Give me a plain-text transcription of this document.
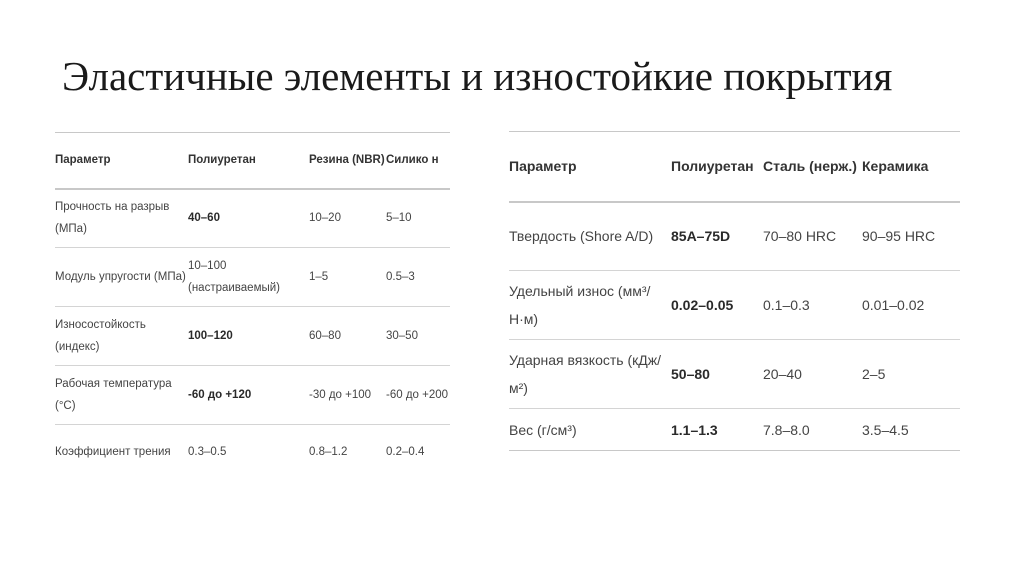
Эластичные элементы и изностойкие покрытия
Параметр	Полиуретан	Резина (NBR)	Силико н
Прочность на разрыв (МПа)	40–60	10–20	5–10
Модуль упругости (МПа)	10–100 (настраиваемый)	1–5	0.5–3
Износостойкость (индекс)	100–120	60–80	30–50
Рабочая температура (°C)	-60 до +120	-30 до +100	-60 до +200
Коэффициент трения	0.3–0.5	0.8–1.2	0.2–0.4
Параметр	Полиуретан	Сталь (нерж.)	Керамика
Твердость (Shore A/D)	85A–75D	70–80 HRC	90–95 HRC
Удельный износ (мм³/Н·м)	0.02–0.05	0.1–0.3	0.01–0.02
Ударная вязкость (кДж/м²)	50–80	20–40	2–5
Вес (г/см³)	1.1–1.3	7.8–8.0	3.5–4.5
